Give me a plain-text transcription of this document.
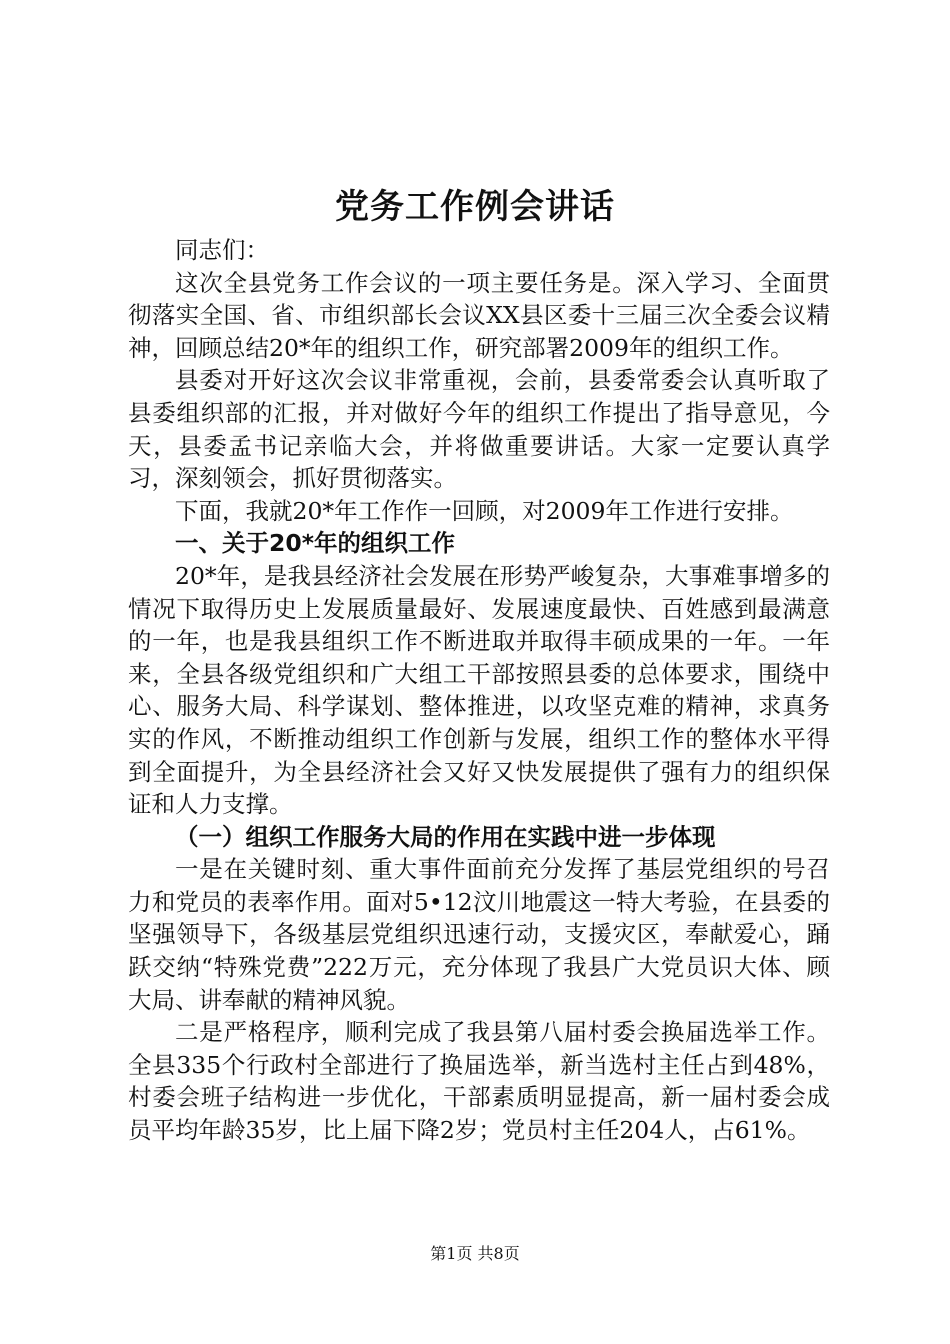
党务工作例会讲话

同志们：

这次全县党务工作会议的一项主要任务是。深入学习、全面贯彻落实全国、省、市组织部长会议XX县区委十三届三次全委会议精神，回顾总结20*年的组织工作，研究部署2009年的组织工作。

县委对开好这次会议非常重视，会前，县委常委会认真听取了县委组织部的汇报，并对做好今年的组织工作提出了指导意见，今天，县委孟书记亲临大会，并将做重要讲话。大家一定要认真学习，深刻领会，抓好贯彻落实。

下面，我就20*年工作作一回顾，对2009年工作进行安排。

一、关于20*年的组织工作

20*年，是我县经济社会发展在形势严峻复杂，大事难事增多的情况下取得历史上发展质量最好、发展速度最快、百姓感到最满意的一年，也是我县组织工作不断进取并取得丰硕成果的一年。一年来，全县各级党组织和广大组工干部按照县委的总体要求，围绕中心、服务大局、科学谋划、整体推进，以攻坚克难的精神，求真务实的作风，不断推动组织工作创新与发展，组织工作的整体水平得到全面提升，为全县经济社会又好又快发展提供了强有力的组织保证和人力支撑。

（一）组织工作服务大局的作用在实践中进一步体现

一是在关键时刻、重大事件面前充分发挥了基层党组织的号召力和党员的表率作用。面对5•12汶川地震这一特大考验，在县委的坚强领导下，各级基层党组织迅速行动，支援灾区，奉献爱心，踊跃交纳“特殊党费”222万元，充分体现了我县广大党员识大体、顾大局、讲奉献的精神风貌。

二是严格程序，顺利完成了我县第八届村委会换届选举工作。全县335个行政村全部进行了换届选举，新当选村主任占到48%，村委会班子结构进一步优化，干部素质明显提高，新一届村委会成员平均年龄35岁，比上届下降2岁；党员村主任204人，占61%。

第1页 共8页
